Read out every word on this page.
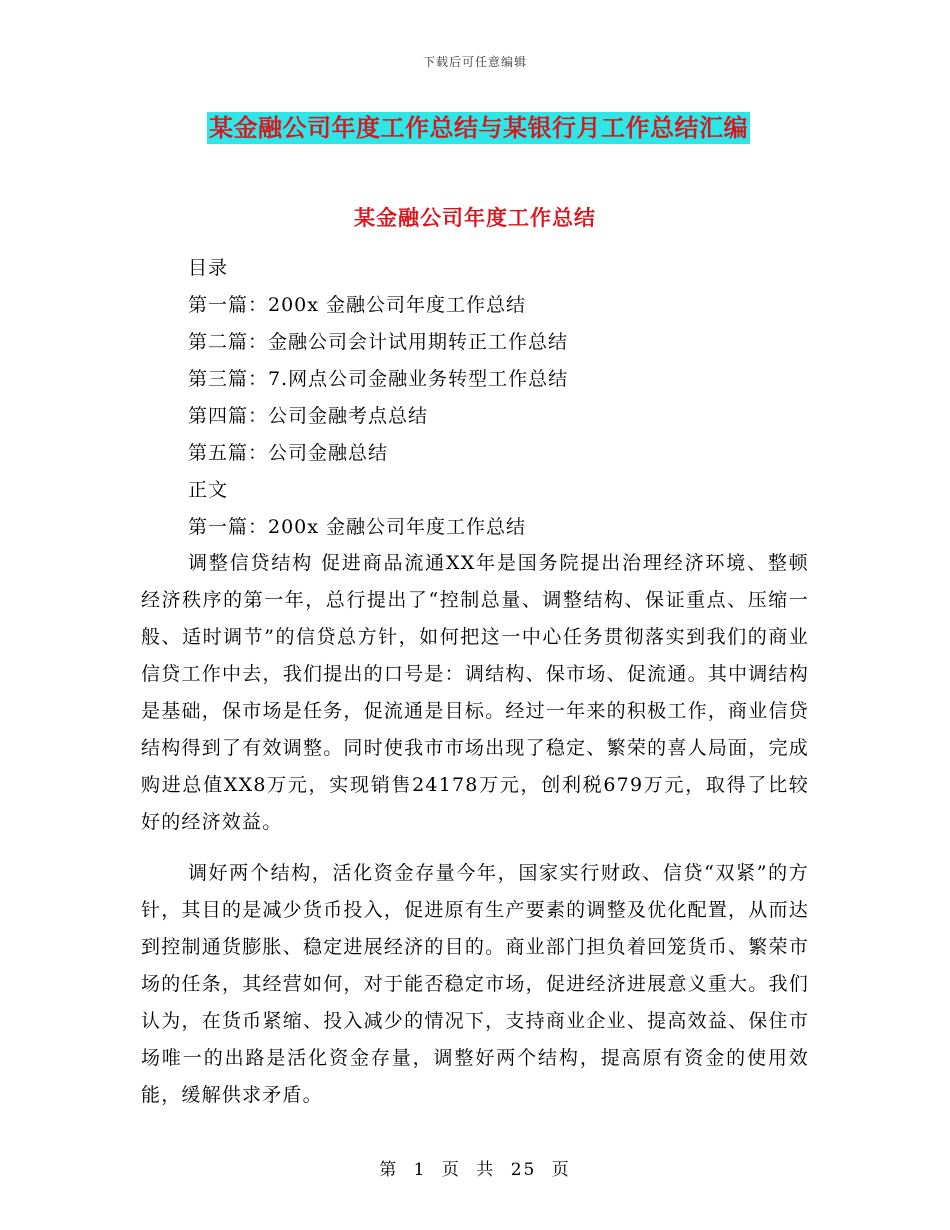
下载后可任意编辑
某金融公司年度工作总结与某银行月工作总结汇编
某金融公司年度工作总结
目录
第一篇：200x 金融公司年度工作总结
第二篇：金融公司会计试用期转正工作总结
第三篇：7.网点公司金融业务转型工作总结
第四篇：公司金融考点总结
第五篇：公司金融总结
正文
第一篇：200x 金融公司年度工作总结

调整信贷结构 促进商品流通XX年是国务院提出治理经济环境、整顿经济秩序的第一年，总行提出了“控制总量、调整结构、保证重点、压缩一般、适时调节”的信贷总方针，如何把这一中心任务贯彻落实到我们的商业信贷工作中去，我们提出的口号是：调结构、保市场、促流通。其中调结构是基础，保市场是任务，促流通是目标。经过一年来的积极工作，商业信贷结构得到了有效调整。同时使我市市场出现了稳定、繁荣的喜人局面，完成购进总值XX8万元，实现销售24178万元，创利税679万元，取得了比较好的经济效益。

调好两个结构，活化资金存量今年，国家实行财政、信贷“双紧”的方针，其目的是减少货币投入，促进原有生产要素的调整及优化配置，从而达到控制通货膨胀、稳定进展经济的目的。商业部门担负着回笼货币、繁荣市场的任条，其经营如何，对于能否稳定市场，促进经济进展意义重大。我们认为，在货币紧缩、投入减少的情况下，支持商业企业、提高效益、保住市场唯一的出路是活化资金存量，调整好两个结构，提高原有资金的使用效能，缓解供求矛盾。

第 1 页 共 25 页
